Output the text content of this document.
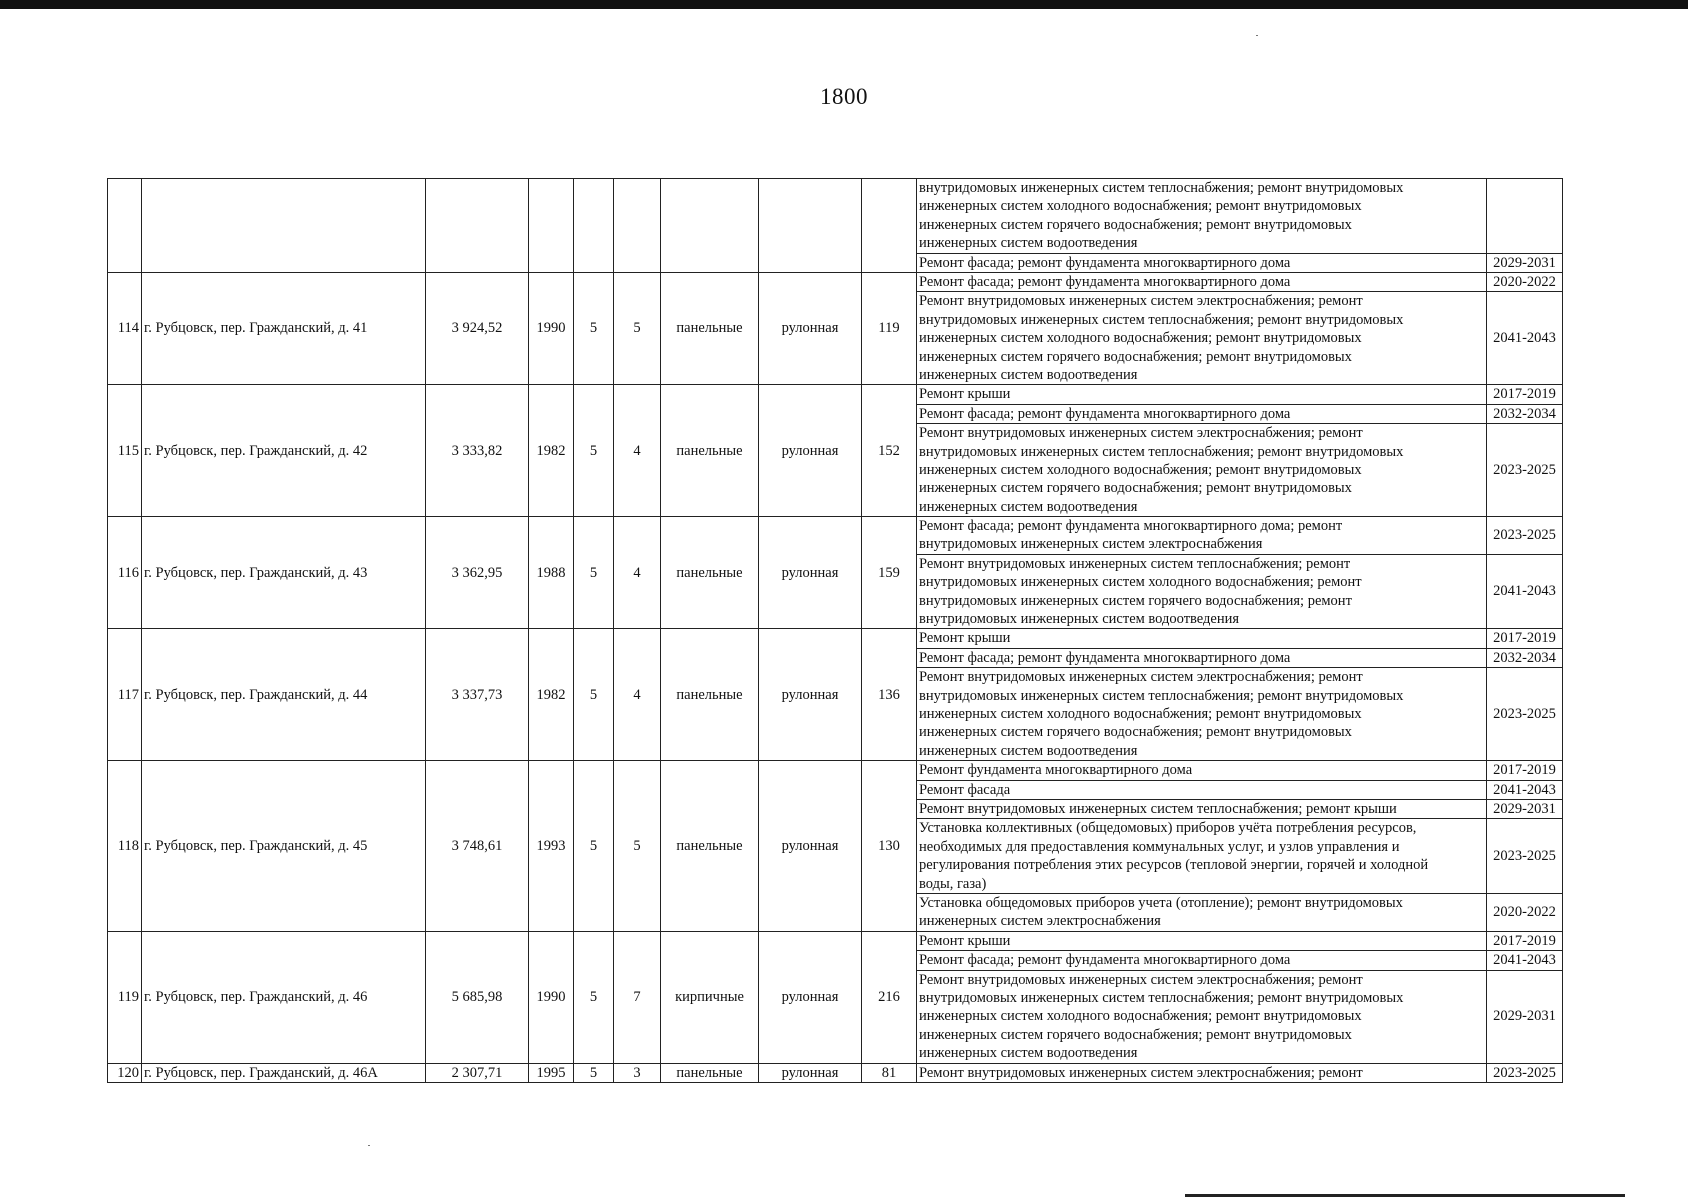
1800

									внутридомовых инженерных систем теплоснабжения; ремонт внутридомовых
инженерных систем холодного водоснабжения; ремонт внутридомовых
инженерных систем горячего водоснабжения; ремонт внутридомовых
инженерных систем водоотведения	

									Ремонт фасада; ремонт фундамента многоквартирного дома	2029-2031
114	г. Рубцовск, пер. Гражданский, д. 41	3 924,52	1990	5	5	панельные	рулонная	119	Ремонт фасада; ремонт фундамента многоквартирного дома	2020-2022

									Ремонт внутридомовых инженерных систем электроснабжения; ремонт
внутридомовых инженерных систем теплоснабжения; ремонт внутридомовых
инженерных систем холодного водоснабжения; ремонт внутридомовых
инженерных систем горячего водоснабжения; ремонт внутридомовых
инженерных систем водоотведения	2041-2043
115	г. Рубцовск, пер. Гражданский, д. 42	3 333,82	1982	5	4	панельные	рулонная	152	Ремонт крыши	2017-2019

									Ремонт фасада; ремонт фундамента многоквартирного дома	2032-2034

									Ремонт внутридомовых инженерных систем электроснабжения; ремонт
внутридомовых инженерных систем теплоснабжения; ремонт внутридомовых
инженерных систем холодного водоснабжения; ремонт внутридомовых
инженерных систем горячего водоснабжения; ремонт внутридомовых
инженерных систем водоотведения	2023-2025
116	г. Рубцовск, пер. Гражданский, д. 43	3 362,95	1988	5	4	панельные	рулонная	159	Ремонт фасада; ремонт фундамента многоквартирного дома; ремонт
внутридомовых инженерных систем электроснабжения	2023-2025

									Ремонт внутридомовых инженерных систем теплоснабжения; ремонт
внутридомовых инженерных систем холодного водоснабжения; ремонт
внутридомовых инженерных систем горячего водоснабжения; ремонт
внутридомовых инженерных систем водоотведения	2041-2043
117	г. Рубцовск, пер. Гражданский, д. 44	3 337,73	1982	5	4	панельные	рулонная	136	Ремонт крыши	2017-2019

									Ремонт фасада; ремонт фундамента многоквартирного дома	2032-2034

									Ремонт внутридомовых инженерных систем электроснабжения; ремонт
внутридомовых инженерных систем теплоснабжения; ремонт внутридомовых
инженерных систем холодного водоснабжения; ремонт внутридомовых
инженерных систем горячего водоснабжения; ремонт внутридомовых
инженерных систем водоотведения	2023-2025
118	г. Рубцовск, пер. Гражданский, д. 45	3 748,61	1993	5	5	панельные	рулонная	130	Ремонт фундамента многоквартирного дома	2017-2019

									Ремонт фасада	2041-2043

									Ремонт внутридомовых инженерных систем теплоснабжения; ремонт крыши	2029-2031

									Установка коллективных (общедомовых) приборов учёта потребления ресурсов,
необходимых для предоставления коммунальных услуг, и узлов управления и
регулирования потребления этих ресурсов (тепловой энергии, горячей и холодной
воды, газа)	2023-2025

									Установка общедомовых приборов учета (отопление); ремонт внутридомовых
инженерных систем электроснабжения	2020-2022
119	г. Рубцовск, пер. Гражданский, д. 46	5 685,98	1990	5	7	кирпичные	рулонная	216	Ремонт крыши	2017-2019

									Ремонт фасада; ремонт фундамента многоквартирного дома	2041-2043

									Ремонт внутридомовых инженерных систем электроснабжения; ремонт
внутридомовых инженерных систем теплоснабжения; ремонт внутридомовых
инженерных систем холодного водоснабжения; ремонт внутридомовых
инженерных систем горячего водоснабжения; ремонт внутридомовых
инженерных систем водоотведения	2029-2031
120	г. Рубцовск, пер. Гражданский, д. 46А	2 307,71	1995	5	3	панельные	рулонная	81	Ремонт внутридомовых инженерных систем электроснабжения; ремонт	2023-2025
